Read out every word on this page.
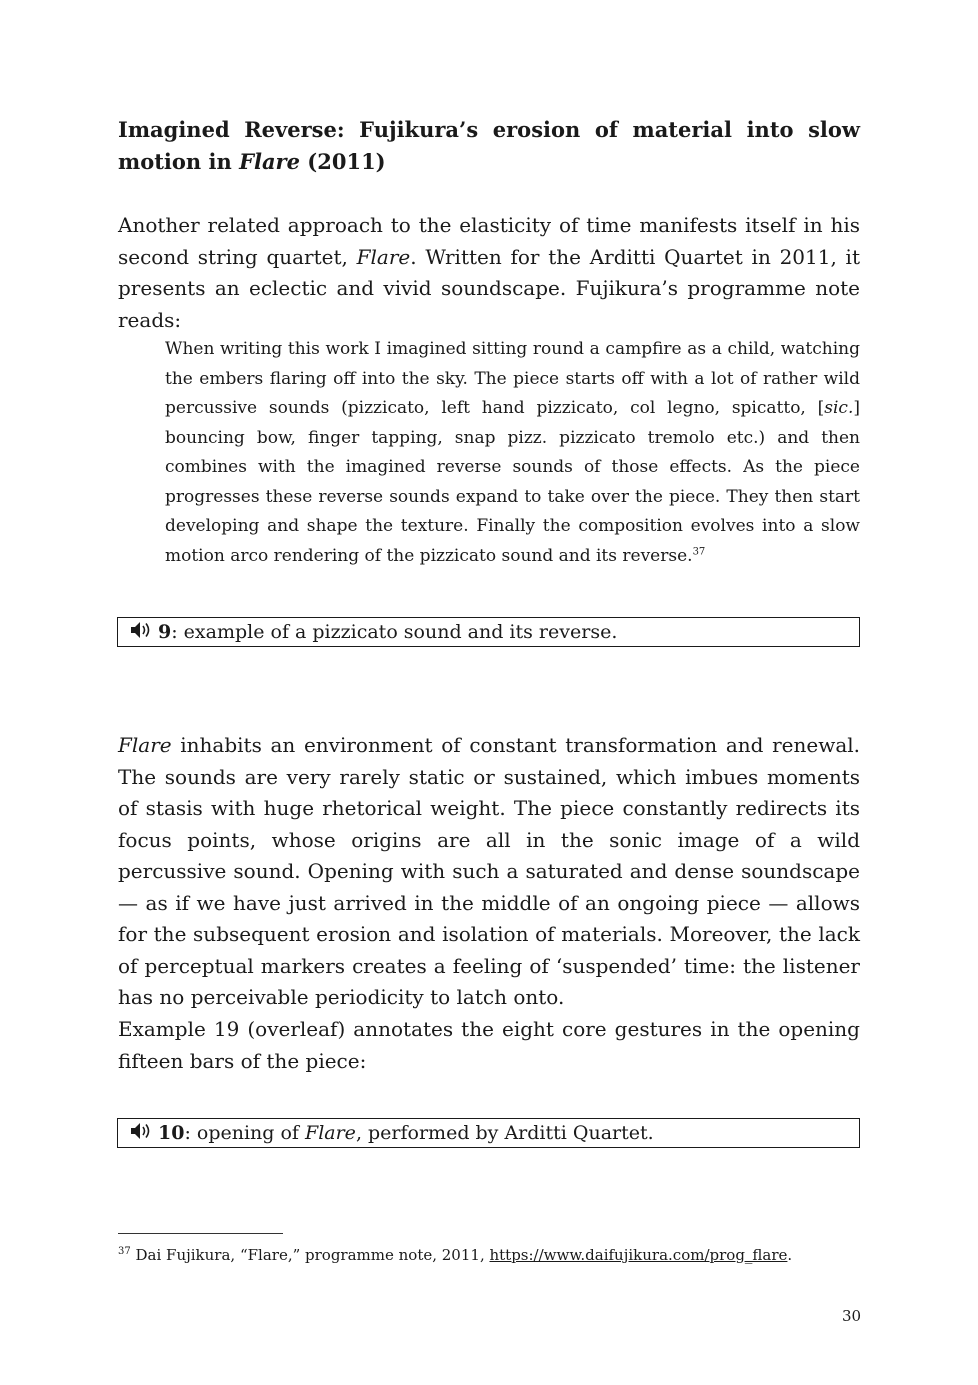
Imagined Reverse: Fujikura’s erosion of material into slow motion in Flare (2011)

Another related approach to the elasticity of time manifests itself in his second string quartet, Flare. Written for the Arditti Quartet in 2011, it presents an eclectic and vivid soundscape. Fujikura’s programme note reads:

When writing this work I imagined sitting round a campfire as a child, watching the embers flaring off into the sky. The piece starts off with a lot of rather wild percussive sounds (pizzicato, left hand pizzicato, col legno, spicatto, [sic.] bouncing bow, finger tapping, snap pizz. pizzicato tremolo etc.) and then combines with the imagined reverse sounds of those effects. As the piece progresses these reverse sounds expand to take over the piece. They then start developing and shape the texture. Finally the composition evolves into a slow motion arco rendering of the pizzicato sound and its reverse.$^{37}$

9: example of a pizzicato sound and its reverse.

Flare inhabits an environment of constant transformation and renewal. The sounds are very rarely static or sustained, which imbues moments of stasis with huge rhetorical weight. The piece constantly redirects its focus points, whose origins are all in the sonic image of a wild percussive sound. Opening with such a saturated and dense soundscape — as if we have just arrived in the middle of an ongoing piece — allows for the subsequent erosion and isolation of materials. Moreover, the lack of perceptual markers creates a feeling of ‘suspended’ time: the listener has no perceivable periodicity to latch onto.

Example 19 (overleaf) annotates the eight core gestures in the opening fifteen bars of the piece:

10: opening of Flare, performed by Arditti Quartet.
$^{37}$ Dai Fujikura, “Flare,” programme note, 2011, https://www.daifujikura.com/prog_flare.
30
